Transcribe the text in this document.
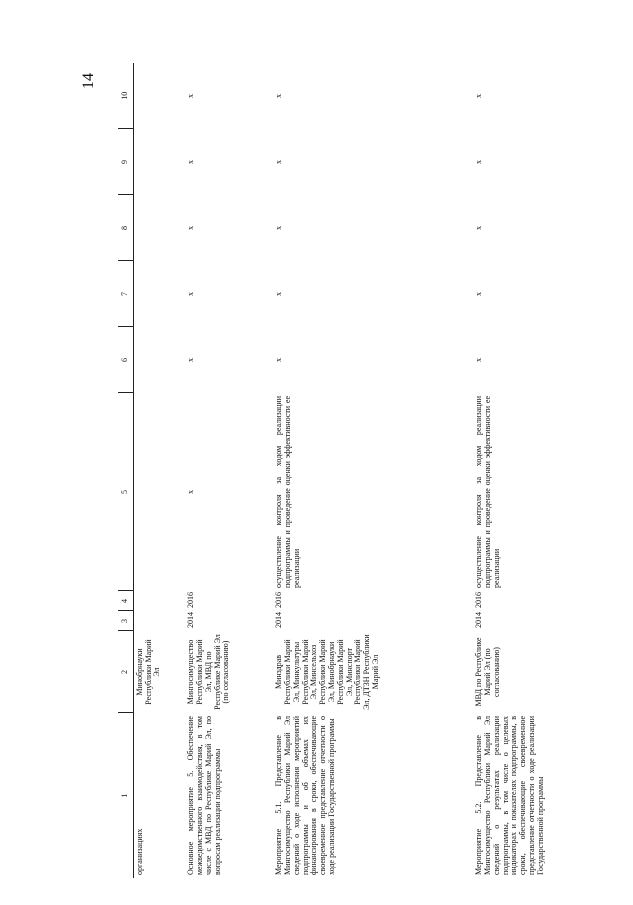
14
1	2	3	4	5	6	7	8	9	10
организациях	Минобрнауки Республики Марий Эл								
Основное мероприятие 5. Обеспечение межведомственного взаимодействия, в том числе с МВД по Республике Марий Эл, по вопросам реализации подпрограммы	Мингосимущество Республики Марий Эл, МВД по Республике Марий Эл (по согласованию)	2014	2016	x	x	x	x	x	x
Мероприятие 5.1. Представление в Мингосимущество Республики Марий Эл сведений о ходе исполнения мероприятий подпрограммы и об объемах их финансирования в сроки, обеспечивающие своевременное представление отчетности о ходе реализации Государственной программы	Минздрав Республики Марий Эл, Минкультуры Республики Марий Эл, Минсельхоз Республики Марий Эл, Минобрнауки Республики Марий Эл, Минспорт Республики Марий Эл, ДТЗН Республики Марий Эл	2014	2016	осуществление контроля за ходом реализации подпрограммы и проведение оценки эффективности ее реализации	x	x	x	x	x
Мероприятие 5.2. Представление в Мингосимущество Республики Марий Эл сведений о результатах реализации подпрограммы, в том числе о целевых индикаторах и показателях подпрограммы, в сроки, обеспечивающие своевременное представление отчетности о ходе реализации Государственной программы	МВД по Республике Марий Эл (по согласованию)	2014	2016	осуществление контроля за ходом реализации подпрограммы и проведение оценки эффективности ее реализации	x	x	x	x	x
